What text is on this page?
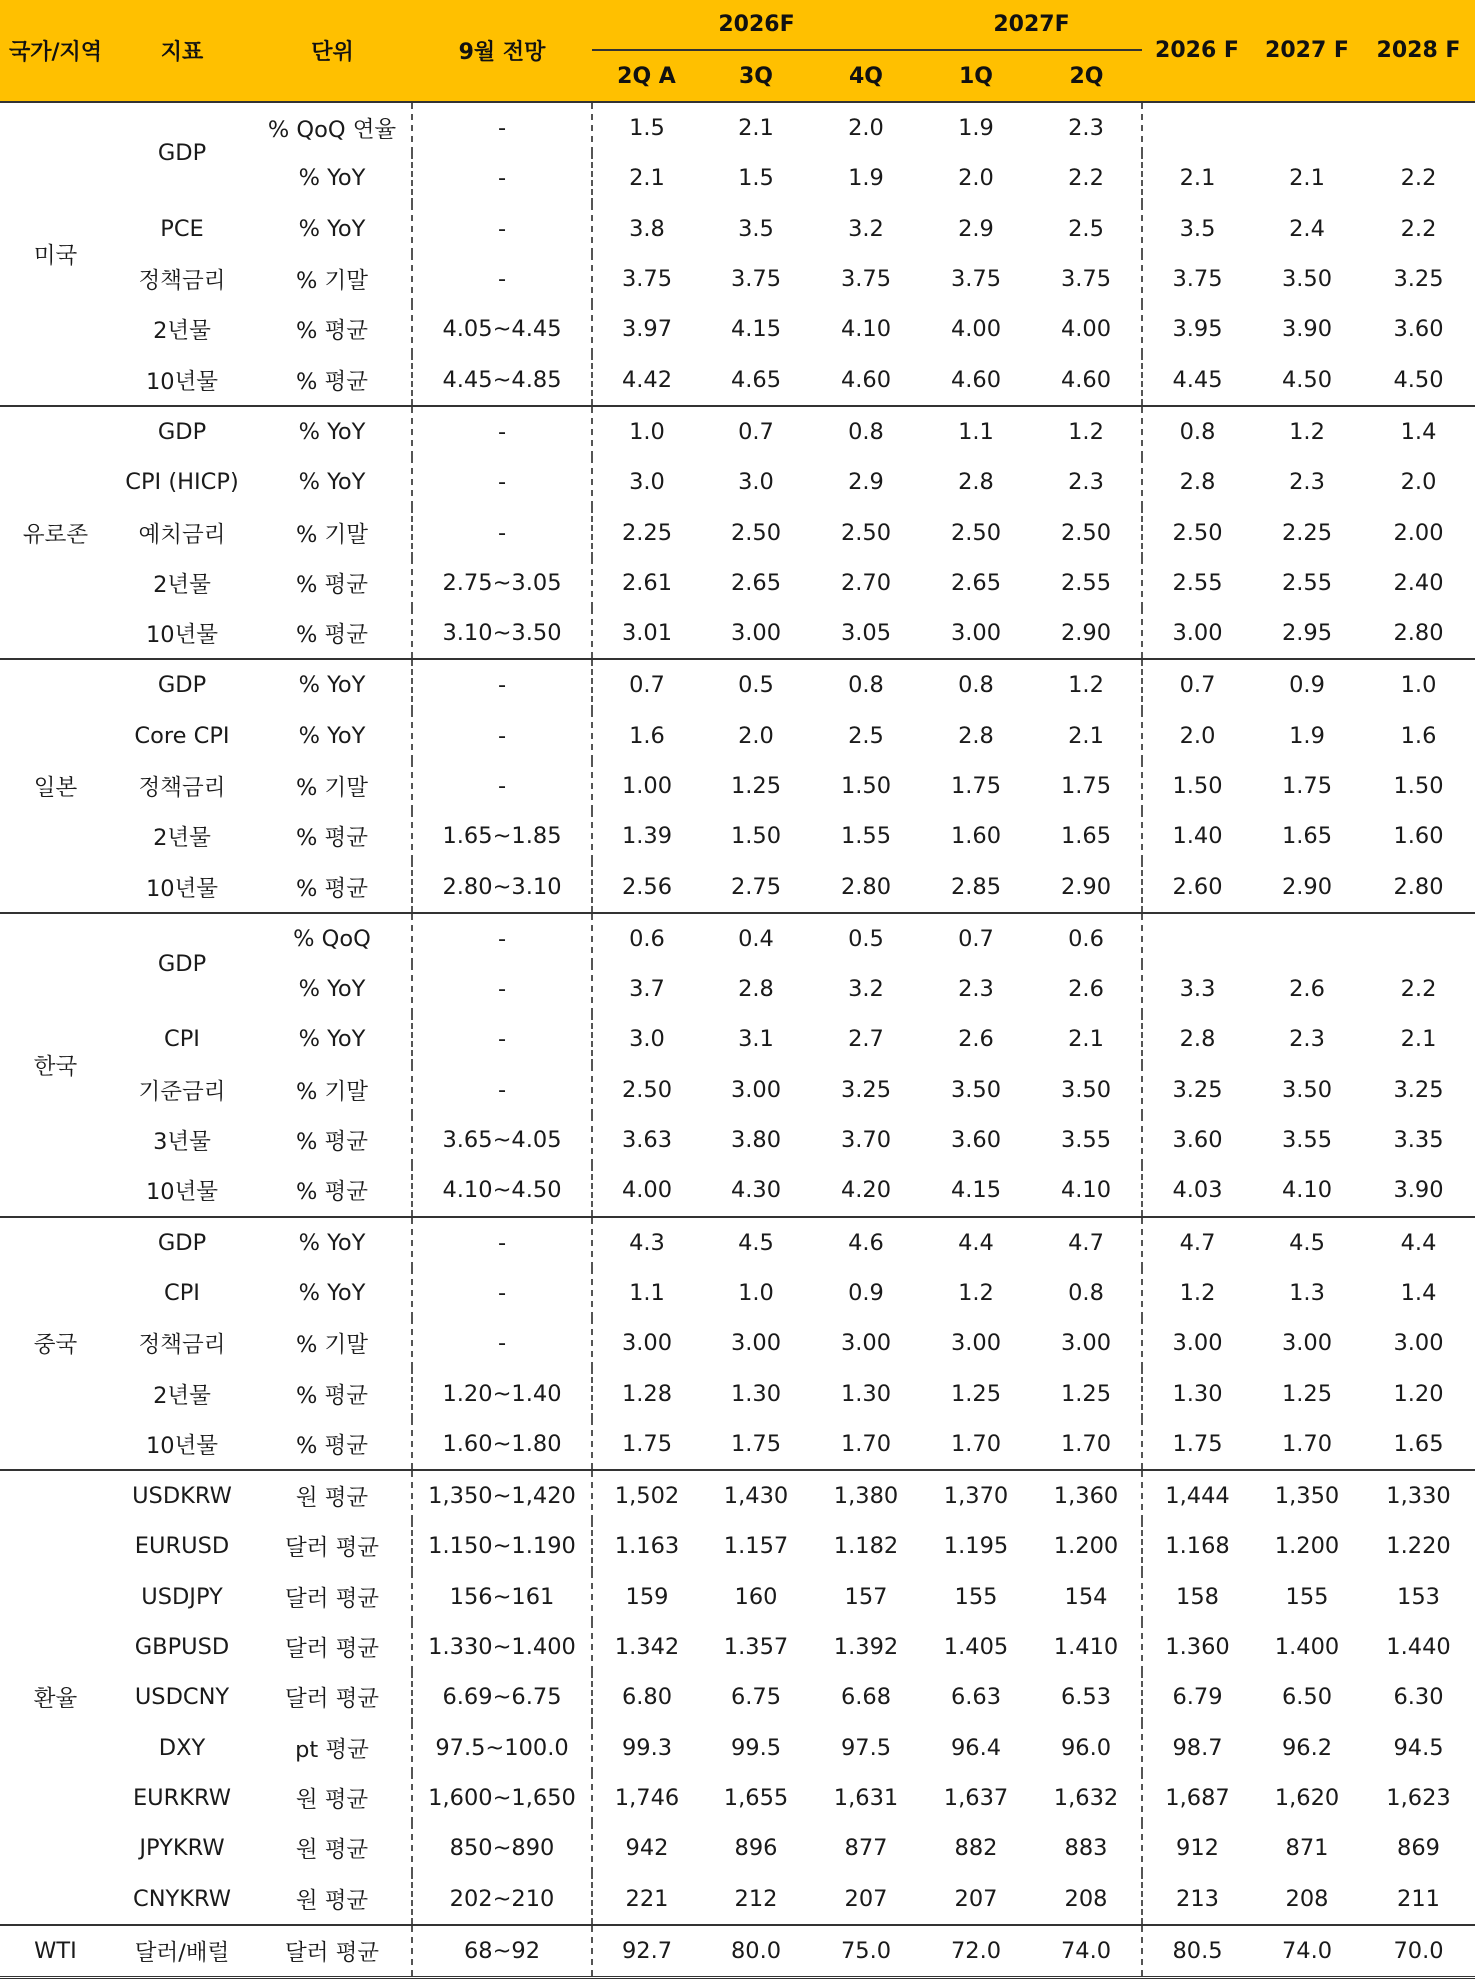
국가/지역	지표	단위	9월 전망	2026F			2027F		2026 F	2027 F	2028 F
				2Q A	3Q	4Q	1Q	2Q			
미국	GDP	% QoQ 연율	-	1.5	2.1	2.0	1.9	2.3			
		% YoY	-	2.1	1.5	1.9	2.0	2.2	2.1	2.1	2.2
	PCE	% YoY	-	3.8	3.5	3.2	2.9	2.5	3.5	2.4	2.2
	정책금리	% 기말	-	3.75	3.75	3.75	3.75	3.75	3.75	3.50	3.25
	2년물	% 평균	4.05~4.45	3.97	4.15	4.10	4.00	4.00	3.95	3.90	3.60
	10년물	% 평균	4.45~4.85	4.42	4.65	4.60	4.60	4.60	4.45	4.50	4.50
유로존	GDP	% YoY	-	1.0	0.7	0.8	1.1	1.2	0.8	1.2	1.4
	CPI (HICP)	% YoY	-	3.0	3.0	2.9	2.8	2.3	2.8	2.3	2.0
	예치금리	% 기말	-	2.25	2.50	2.50	2.50	2.50	2.50	2.25	2.00
	2년물	% 평균	2.75~3.05	2.61	2.65	2.70	2.65	2.55	2.55	2.55	2.40
	10년물	% 평균	3.10~3.50	3.01	3.00	3.05	3.00	2.90	3.00	2.95	2.80
일본	GDP	% YoY	-	0.7	0.5	0.8	0.8	1.2	0.7	0.9	1.0
	Core CPI	% YoY	-	1.6	2.0	2.5	2.8	2.1	2.0	1.9	1.6
	정책금리	% 기말	-	1.00	1.25	1.50	1.75	1.75	1.50	1.75	1.50
	2년물	% 평균	1.65~1.85	1.39	1.50	1.55	1.60	1.65	1.40	1.65	1.60
	10년물	% 평균	2.80~3.10	2.56	2.75	2.80	2.85	2.90	2.60	2.90	2.80
한국	GDP	% QoQ	-	0.6	0.4	0.5	0.7	0.6			
		% YoY	-	3.7	2.8	3.2	2.3	2.6	3.3	2.6	2.2
	CPI	% YoY	-	3.0	3.1	2.7	2.6	2.1	2.8	2.3	2.1
	기준금리	% 기말	-	2.50	3.00	3.25	3.50	3.50	3.25	3.50	3.25
	3년물	% 평균	3.65~4.05	3.63	3.80	3.70	3.60	3.55	3.60	3.55	3.35
	10년물	% 평균	4.10~4.50	4.00	4.30	4.20	4.15	4.10	4.03	4.10	3.90
중국	GDP	% YoY	-	4.3	4.5	4.6	4.4	4.7	4.7	4.5	4.4
	CPI	% YoY	-	1.1	1.0	0.9	1.2	0.8	1.2	1.3	1.4
	정책금리	% 기말	-	3.00	3.00	3.00	3.00	3.00	3.00	3.00	3.00
	2년물	% 평균	1.20~1.40	1.28	1.30	1.30	1.25	1.25	1.30	1.25	1.20
	10년물	% 평균	1.60~1.80	1.75	1.75	1.70	1.70	1.70	1.75	1.70	1.65
환율	USDKRW	원 평균	1,350~1,420	1,502	1,430	1,380	1,370	1,360	1,444	1,350	1,330
	EURUSD	달러 평균	1.150~1.190	1.163	1.157	1.182	1.195	1.200	1.168	1.200	1.220
	USDJPY	달러 평균	156~161	159	160	157	155	154	158	155	153
	GBPUSD	달러 평균	1.330~1.400	1.342	1.357	1.392	1.405	1.410	1.360	1.400	1.440
	USDCNY	달러 평균	6.69~6.75	6.80	6.75	6.68	6.63	6.53	6.79	6.50	6.30
	DXY	pt 평균	97.5~100.0	99.3	99.5	97.5	96.4	96.0	98.7	96.2	94.5
	EURKRW	원 평균	1,600~1,650	1,746	1,655	1,631	1,637	1,632	1,687	1,620	1,623
	JPYKRW	원 평균	850~890	942	896	877	882	883	912	871	869
	CNYKRW	원 평균	202~210	221	212	207	207	208	213	208	211
WTI	달러/배럴	달러 평균	68~92	92.7	80.0	75.0	72.0	74.0	80.5	74.0	70.0
